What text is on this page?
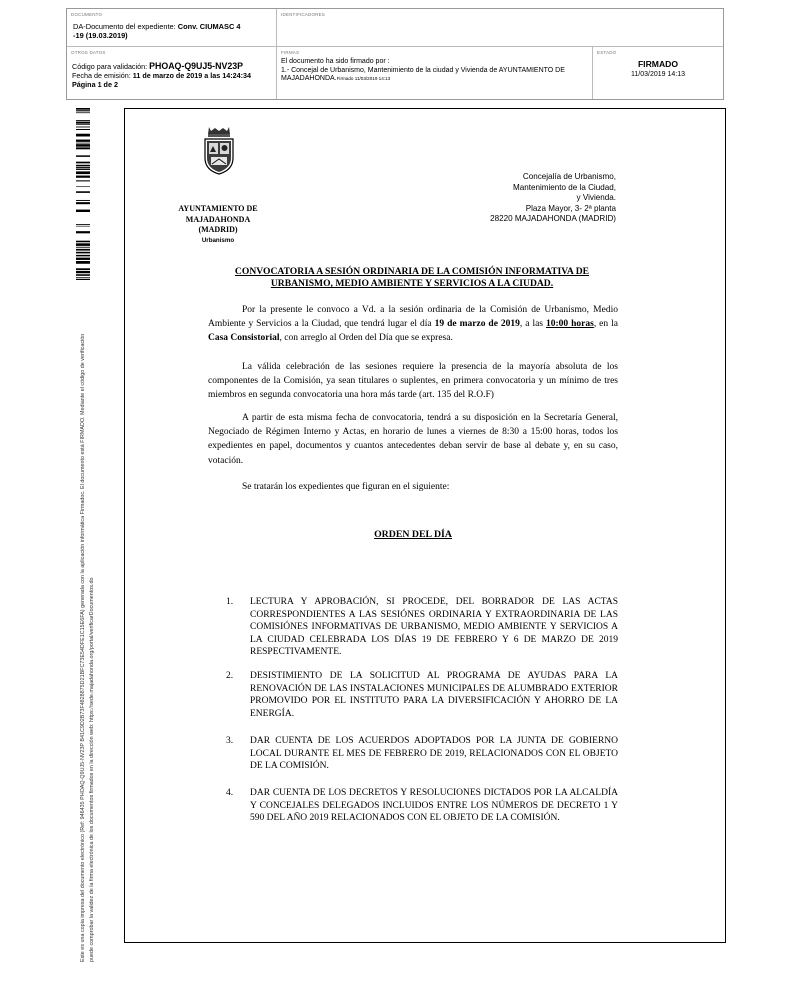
DOCUMENTO
DA-Documento del expediente: Conv. CIUMASC 4
-19 (19.03.2019)
IDENTIFICADORES
OTROS DATOS
Código para validación: PHOAQ-Q9UJ5-NV23P
Fecha de emisión: 11 de marzo de 2019 a las 14:24:34
Página 1 de 2
FIRMAS
El documento ha sido firmado por :
1.- Concejal de Urbanismo, Mantenimiento de la ciudad y Vivienda de AYUNTAMIENTO DE
MAJADAHONDA.Firmado 11/03/2019 14:13
ESTADO
FIRMADO
11/03/2019 14:13
Este es una copia impresa del documento electrónico (Ref: 946435 PHOAQ-Q9UJ5-NV23P B41C9D2B73F4828875D21BFC73E54DFE1C15E6FA) generada con la aplicación informática Firmadoc. El documento está FIRMADO. Mediante el código de verificación puede comprobar la validez de la firma electrónica de los documentos firmados en la dirección web: https://sede.majadahonda.org/portal/verificarDocumentos.do
AYUNTAMIENTO DE
MAJADAHONDA
(MADRID)
Urbanismo
Concejalía de Urbanismo,
Mantenimiento de la Ciudad,
y Vivienda.
Plaza Mayor, 3- 2ª planta
28220 MAJADAHONDA (MADRID)
CONVOCATORIA A SESIÓN ORDINARIA DE LA COMISIÓN INFORMATIVA DE
URBANISMO, MEDIO AMBIENTE Y SERVICIOS A LA CIUDAD.
Por la presente le convoco a Vd. a la sesión ordinaria de la Comisión de Urbanismo, Medio Ambiente y Servicios a la Ciudad, que tendrá lugar el día 19 de marzo de 2019, a las 10:00 horas, en la Casa Consistorial, con arreglo al Orden del Día que se expresa.
La válida celebración de las sesiones requiere la presencia de la mayoría absoluta de los componentes de la Comisión, ya sean titulares o suplentes, en primera convocatoria y un mínimo de tres miembros en segunda convocatoria una hora más tarde (art. 135 del R.O.F)
A partir de esta misma fecha de convocatoria, tendrá a su disposición en la Secretaría General, Negociado de Régimen Interno y Actas, en horario de lunes a viernes de 8:30 a 15:00 horas, todos los expedientes en papel, documentos y cuantos antecedentes deban servir de base al debate y, en su caso, votación.
Se tratarán los expedientes que figuran en el siguiente:
ORDEN DEL DÍA
1. LECTURA Y APROBACIÓN, SI PROCEDE, DEL BORRADOR DE LAS ACTAS CORRESPONDIENTES A LAS SESIÓNES ORDINARIA Y EXTRAORDINARIA DE LAS COMISIÓNES INFORMATIVAS DE URBANISMO, MEDIO AMBIENTE Y SERVICIOS A LA CIUDAD CELEBRADA LOS DÍAS 19 DE FEBRERO Y 6 DE MARZO DE 2019 RESPECTIVAMENTE.
2. DESISTIMIENTO DE LA SOLICITUD AL PROGRAMA DE AYUDAS PARA LA RENOVACIÓN DE LAS INSTALACIONES MUNICIPALES DE ALUMBRADO EXTERIOR PROMOVIDO POR EL INSTITUTO PARA LA DIVERSIFICACIÓN Y AHORRO DE LA ENERGÍA.
3. DAR CUENTA DE LOS ACUERDOS ADOPTADOS POR LA JUNTA DE GOBIERNO LOCAL DURANTE EL MES DE FEBRERO DE 2019, RELACIONADOS CON EL OBJETO DE LA COMISIÓN.
4. DAR CUENTA DE LOS DECRETOS Y RESOLUCIONES DICTADOS POR LA ALCALDÍA Y CONCEJALES DELEGADOS INCLUIDOS ENTRE LOS NÚMEROS DE DECRETO 1 Y 590 DEL AÑO 2019 RELACIONADOS CON EL OBJETO DE LA COMISIÓN.
